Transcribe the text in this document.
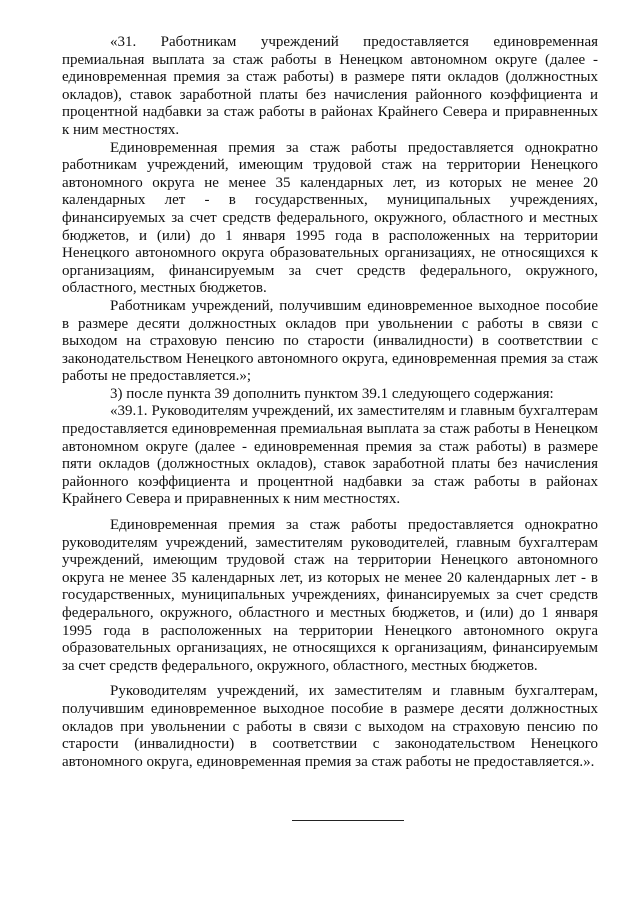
«31. Работникам учреждений предоставляется единовременная премиальная выплата за стаж работы в Ненецком автономном округе (далее - единовременная премия за стаж работы) в размере пяти окладов (должностных окладов), ставок заработной платы без начисления районного коэффициента и процентной надбавки за стаж работы в районах Крайнего Севера и приравненных к ним местностях.

Единовременная премия за стаж работы предоставляется однократно работникам учреждений, имеющим трудовой стаж на территории Ненецкого автономного округа не менее 35 календарных лет, из которых не менее 20 календарных лет - в государственных, муниципальных учреждениях, финансируемых за счет средств федерального, окружного, областного и местных бюджетов, и (или) до 1 января 1995 года в расположенных на территории Ненецкого автономного округа образовательных организациях, не относящихся к организациям, финансируемым за счет средств федерального, окружного, областного, местных бюджетов.

Работникам учреждений, получившим единовременное выходное пособие в размере десяти должностных окладов при увольнении с работы в связи с выходом на страховую пенсию по старости (инвалидности) в соответствии с законодательством Ненецкого автономного округа, единовременная премия за стаж работы не предоставляется.»;

3) после пункта 39 дополнить пунктом 39.1 следующего содержания:

«39.1. Руководителям учреждений, их заместителям и главным бухгалтерам предоставляется единовременная премиальная выплата за стаж работы в Ненецком автономном округе (далее - единовременная премия за стаж работы) в размере пяти окладов (должностных окладов), ставок заработной платы без начисления районного коэффициента и процентной надбавки за стаж работы в районах Крайнего Севера и приравненных к ним местностях.

Единовременная премия за стаж работы предоставляется однократно руководителям учреждений, заместителям руководителей, главным бухгалтерам учреждений, имеющим трудовой стаж на территории Ненецкого автономного округа не менее 35 календарных лет, из которых не менее 20 календарных лет - в государственных, муниципальных учреждениях, финансируемых за счет средств федерального, окружного, областного и местных бюджетов, и (или) до 1 января 1995 года в расположенных на территории Ненецкого автономного округа образовательных организациях, не относящихся к организациям, финансируемым за счет средств федерального, окружного, областного, местных бюджетов.

Руководителям учреждений, их заместителям и главным бухгалтерам, получившим единовременное выходное пособие в размере десяти должностных окладов при увольнении с работы в связи с выходом на страховую пенсию по старости (инвалидности) в соответствии с законодательством Ненецкого автономного округа, единовременная премия за стаж работы не предоставляется.».
